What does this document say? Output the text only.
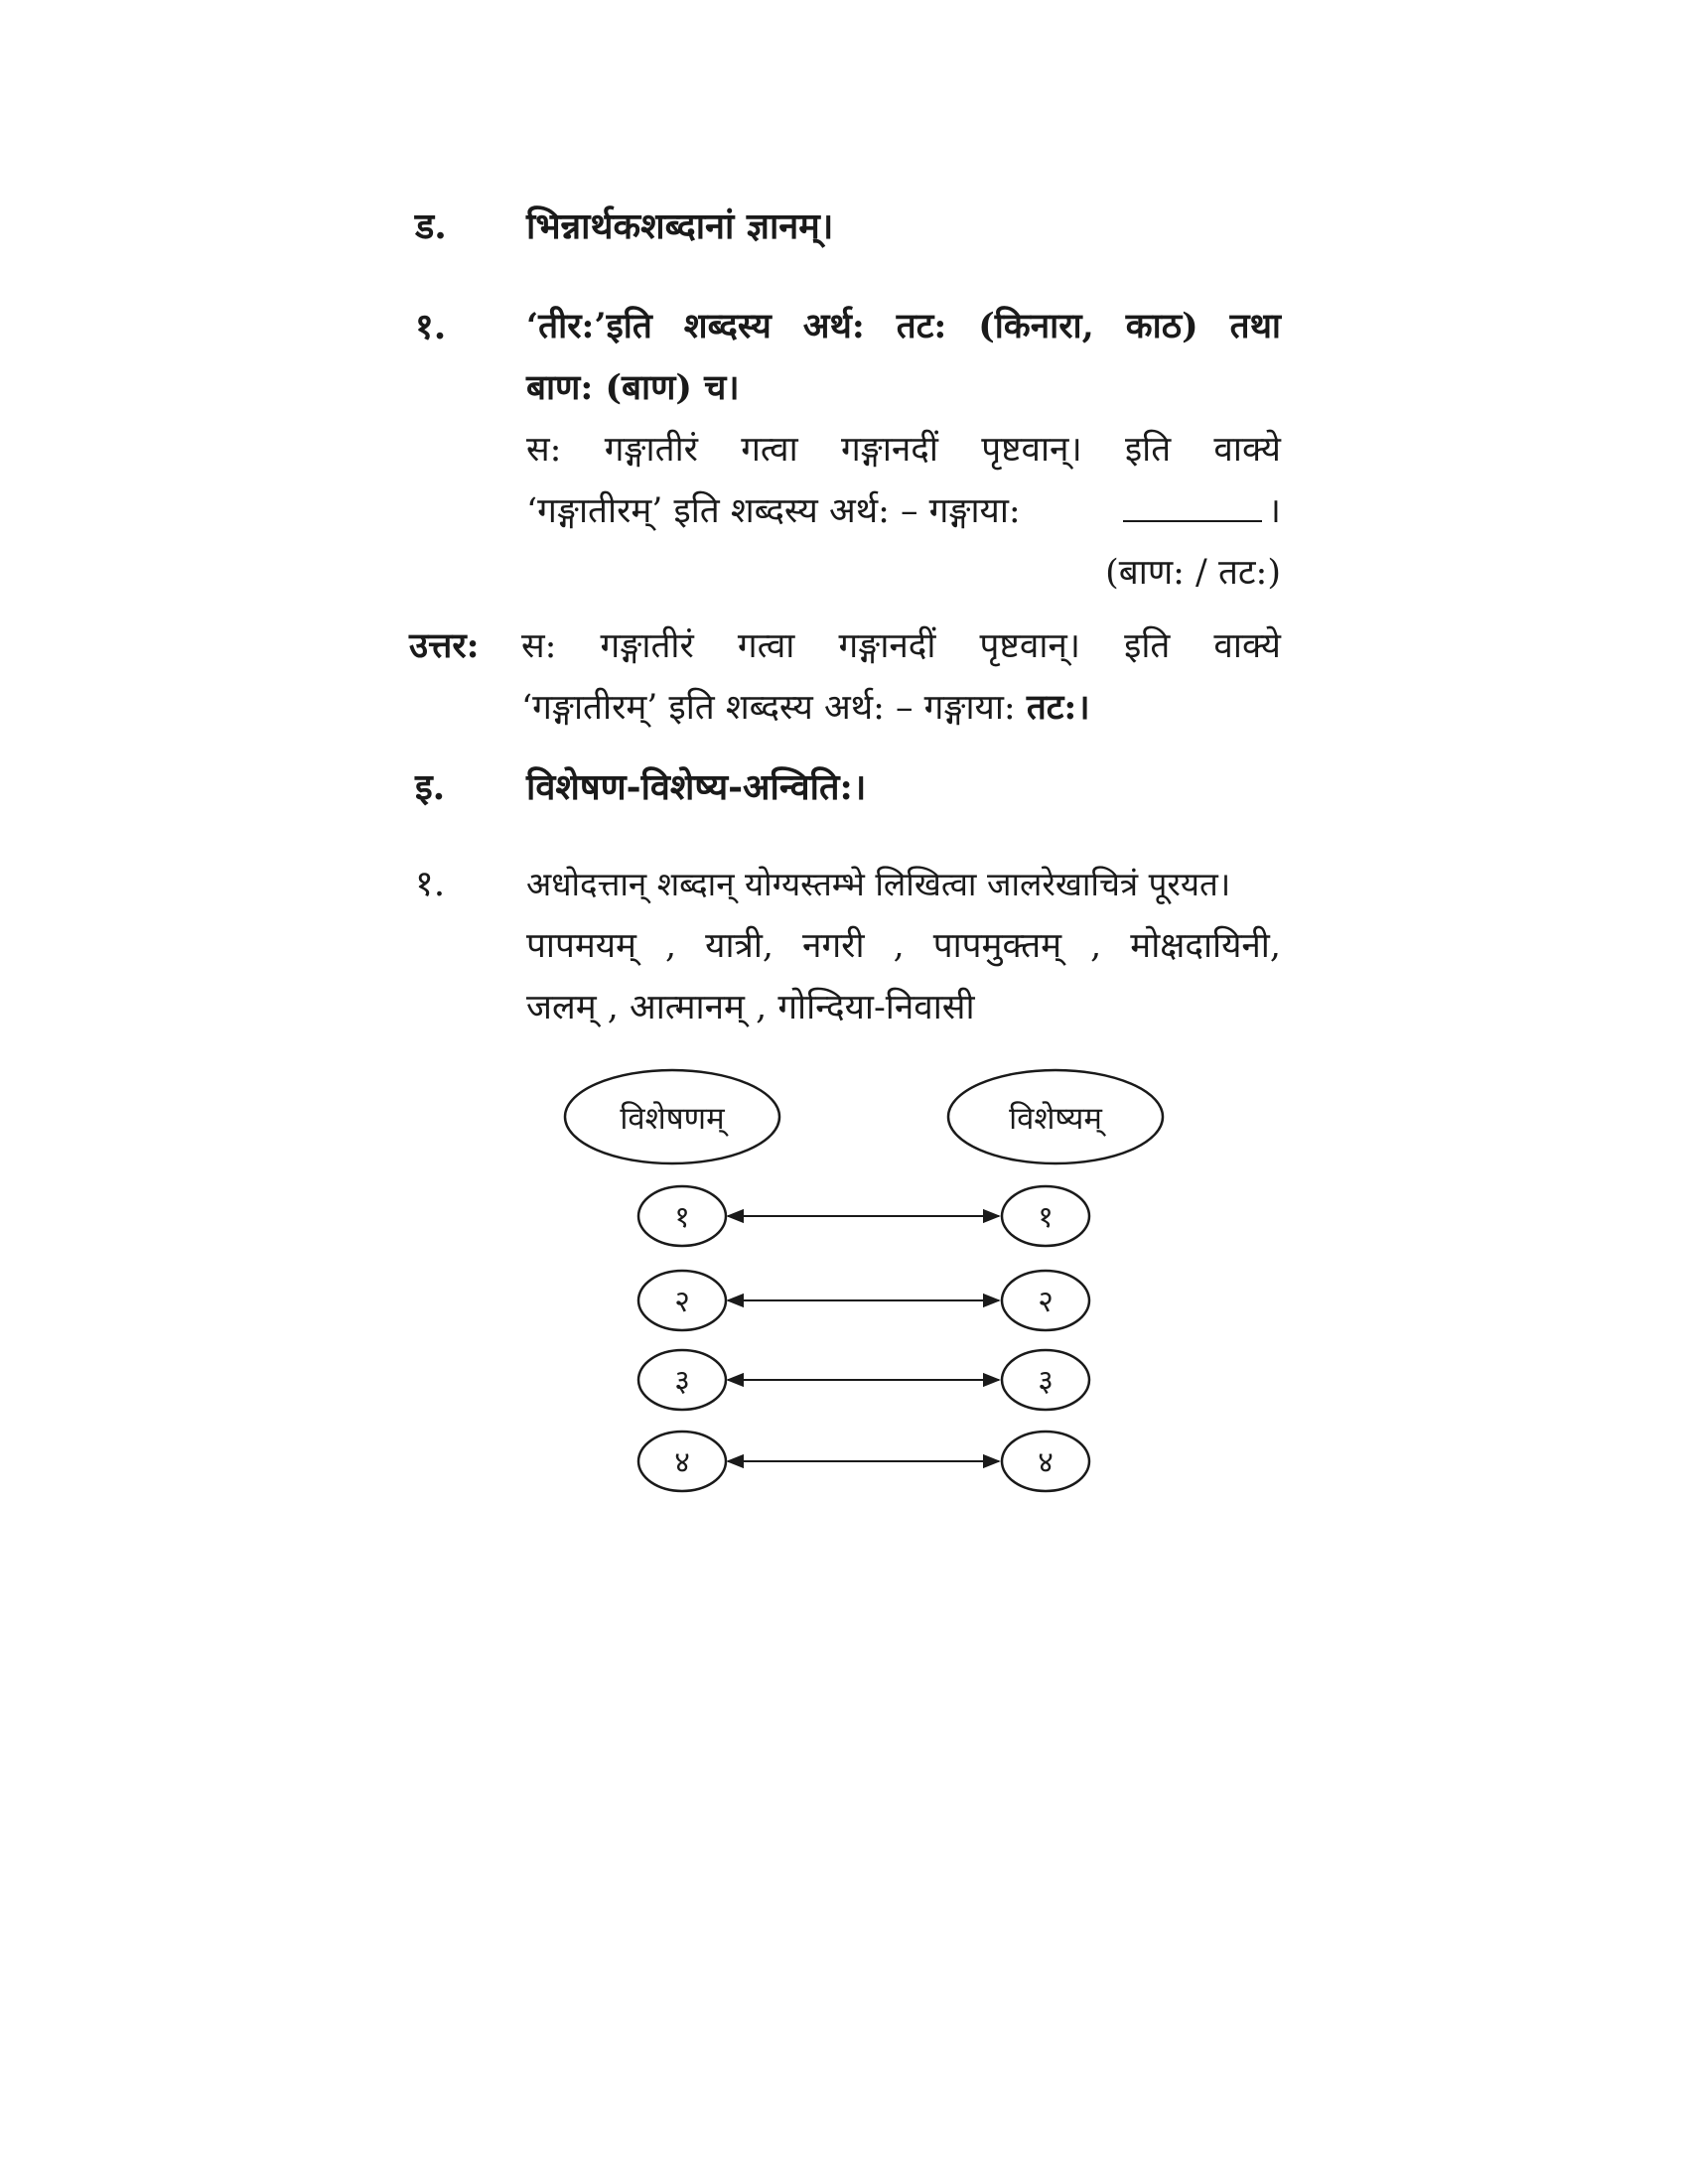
ड. भिन्नार्थकशब्दानां ज्ञानम्।
१. ‘तीर:’इति शब्दस्य अर्थ: तट: (किनारा, काठ) तथा
बाण: (बाण) च।
स: गङ्गातीरं गत्वा गङ्गानदीं पृष्टवान्। इति वाक्ये
‘गङ्गातीरम्’ इति शब्दस्य अर्थ: – गङ्गाया:	।
(बाण: / तट:)
उत्तर: स: गङ्गातीरं गत्वा गङ्गानदीं पृष्टवान्। इति वाक्ये
‘गङ्गातीरम्’ इति शब्दस्य अर्थ: – गङ्गाया: तट:।
इ. विशेषण-विशेष्य-अन्विति:।
१. अधोदत्तान् शब्दान् योग्यस्तम्भे लिखित्वा जालरेखाचित्रं पूरयत।
पापमयम् , यात्री, नगरी , पापमुक्तम् , मोक्षदायिनी,
जलम् , आत्मानम् , गोन्दिया-निवासी
विशेषणम्	विशेष्यम्
१	१
२	२
३	३
४	४
